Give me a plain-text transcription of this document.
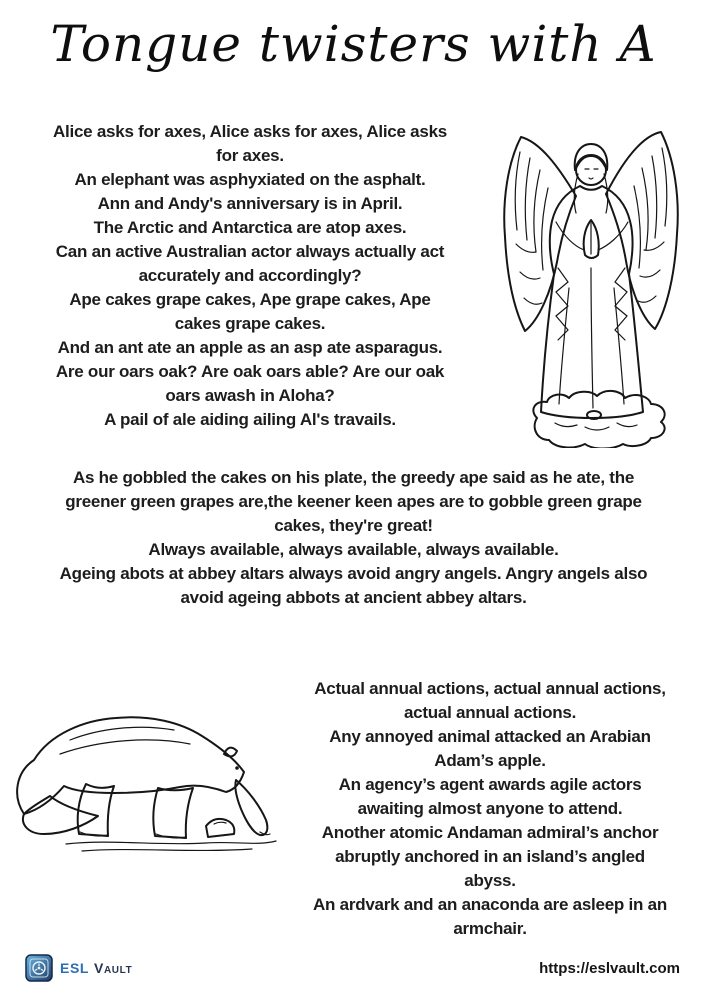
Tongue twisters with A
Alice asks for axes, Alice asks for axes, Alice asks
for axes.
An elephant was asphyxiated on the asphalt.
Ann and Andy's anniversary is in April.
The Arctic and Antarctica are atop axes.
Can an active Australian actor always actually act
accurately and accordingly?
Ape cakes grape cakes, Ape grape cakes, Ape
cakes grape cakes.
And an ant ate an apple as an asp ate asparagus.
Are our oars oak? Are oak oars able? Are our oak
oars awash in Aloha?
A pail of ale aiding ailing Al's travails.
As he gobbled the cakes on his plate, the greedy ape said as he ate, the
greener green grapes are,the keener keen apes are to gobble green grape
cakes, they're great!
Always available, always available, always available.
Ageing abots at abbey altars always avoid angry angels. Angry angels also
avoid ageing abbots at ancient abbey altars.
Actual annual actions, actual annual actions,
actual annual actions.
Any annoyed animal attacked an Arabian
Adam’s apple.
An agency’s agent awards agile actors
awaiting almost anyone to attend.
Another atomic Andaman admiral’s anchor
abruptly anchored in an island’s angled
abyss.
An ardvark and an anaconda are asleep in an
armchair.
ESL Vault	https://eslvault.com
